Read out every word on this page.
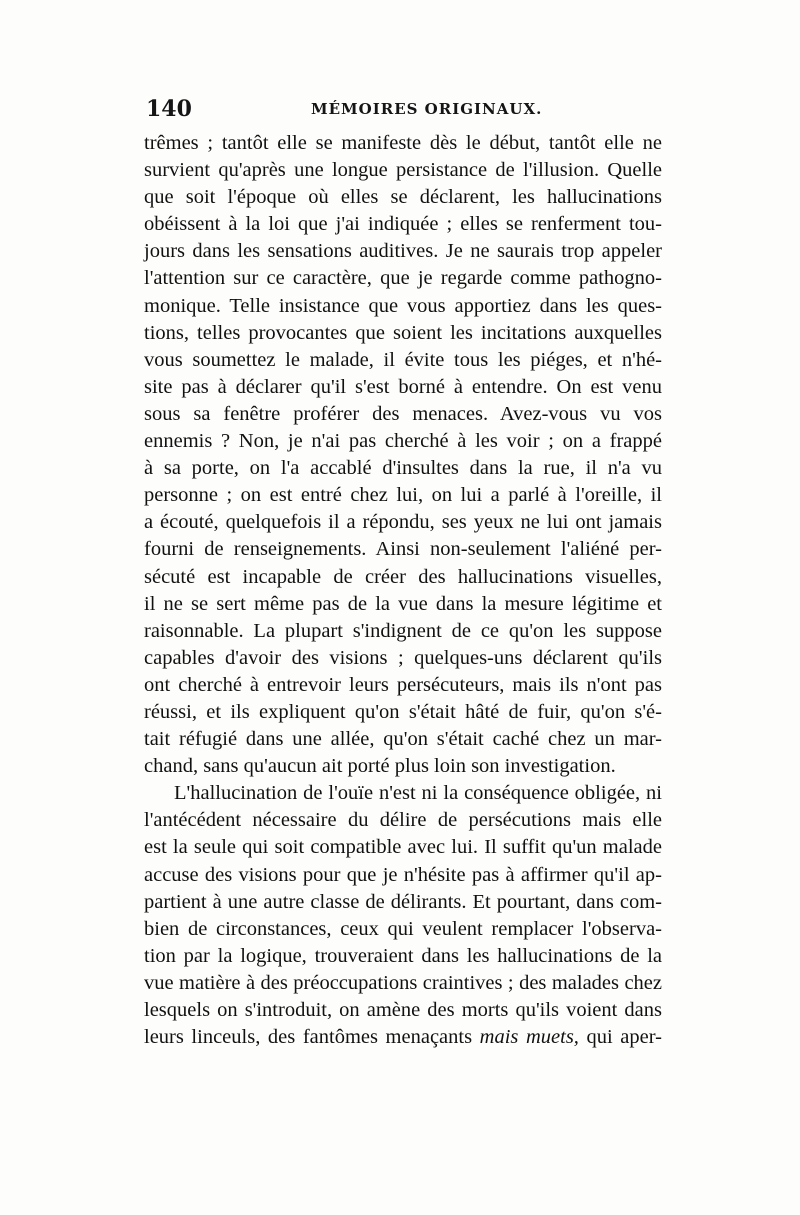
140	MÉMOIRES ORIGINAUX.
trêmes ; tantôt elle se manifeste dès le début, tantôt elle ne
survient qu'après une longue persistance de l'illusion. Quelle
que soit l'époque où elles se déclarent, les hallucinations
obéissent à la loi que j'ai indiquée ; elles se renferment tou-
jours dans les sensations auditives. Je ne saurais trop appeler
l'attention sur ce caractère, que je regarde comme pathogno-
monique. Telle insistance que vous apportiez dans les ques-
tions, telles provocantes que soient les incitations auxquelles
vous soumettez le malade, il évite tous les piéges, et n'hé-
site pas à déclarer qu'il s'est borné à entendre. On est venu
sous sa fenêtre proférer des menaces. Avez-vous vu vos
ennemis ? Non, je n'ai pas cherché à les voir ; on a frappé
à sa porte, on l'a accablé d'insultes dans la rue, il n'a vu
personne ; on est entré chez lui, on lui a parlé à l'oreille, il
a écouté, quelquefois il a répondu, ses yeux ne lui ont jamais
fourni de renseignements. Ainsi non-seulement l'aliéné per-
sécuté est incapable de créer des hallucinations visuelles,
il ne se sert même pas de la vue dans la mesure légitime et
raisonnable. La plupart s'indignent de ce qu'on les suppose
capables d'avoir des visions ; quelques-uns déclarent qu'ils
ont cherché à entrevoir leurs persécuteurs, mais ils n'ont pas
réussi, et ils expliquent qu'on s'était hâté de fuir, qu'on s'é-
tait réfugié dans une allée, qu'on s'était caché chez un mar-
chand, sans qu'aucun ait porté plus loin son investigation.
L'hallucination de l'ouïe n'est ni la conséquence obligée, ni
l'antécédent nécessaire du délire de persécutions mais elle
est la seule qui soit compatible avec lui. Il suffit qu'un malade
accuse des visions pour que je n'hésite pas à affirmer qu'il ap-
partient à une autre classe de délirants. Et pourtant, dans com-
bien de circonstances, ceux qui veulent remplacer l'observa-
tion par la logique, trouveraient dans les hallucinations de la
vue matière à des préoccupations craintives ; des malades chez
lesquels on s'introduit, on amène des morts qu'ils voient dans
leurs linceuls, des fantômes menaçants mais muets, qui aper-
